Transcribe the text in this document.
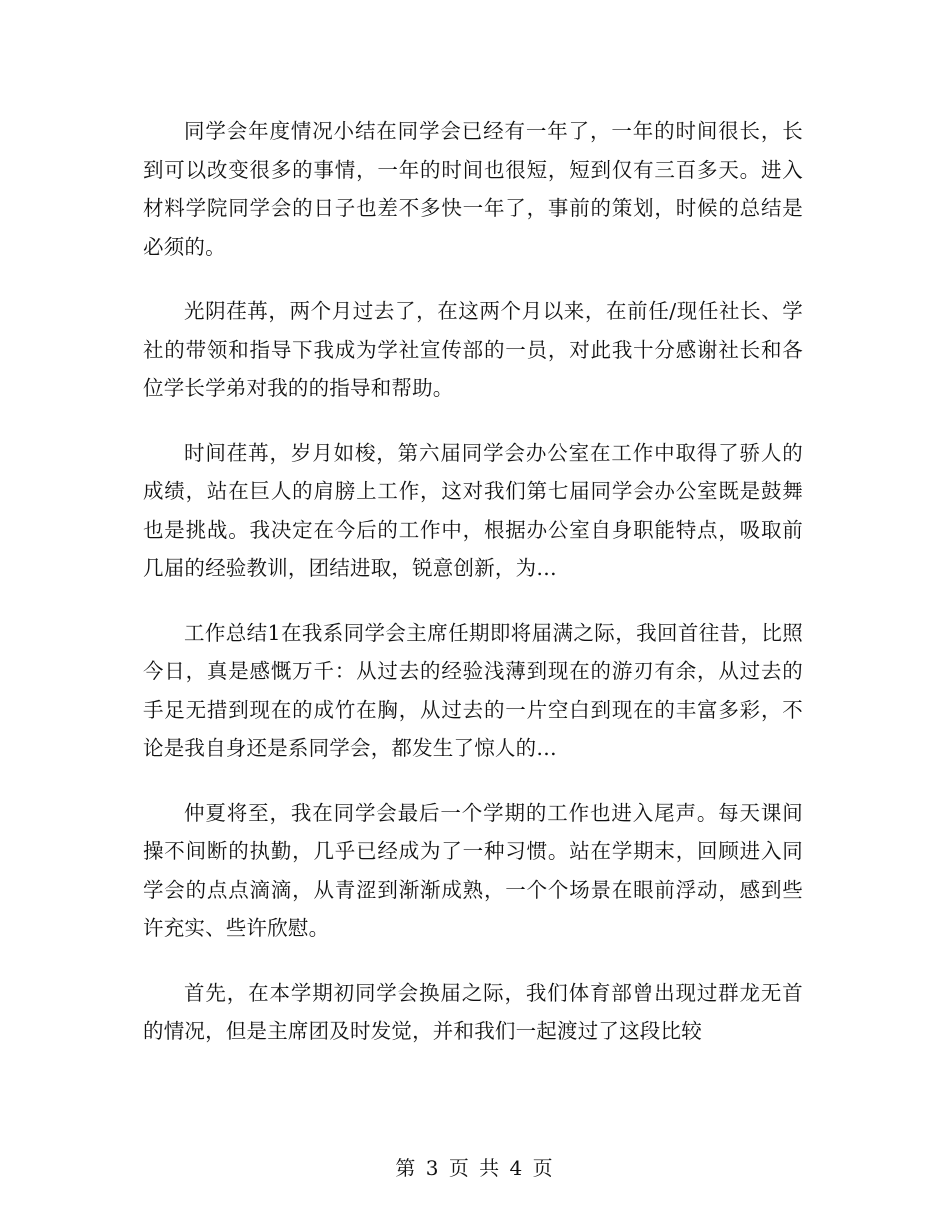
同学会年度情况小结在同学会已经有一年了，一年的时间很长，长到可以改变很多的事情，一年的时间也很短，短到仅有三百多天。进入材料学院同学会的日子也差不多快一年了，事前的策划，时候的总结是必须的。

光阴荏苒，两个月过去了，在这两个月以来，在前任/现任社长、学社的带领和指导下我成为学社宣传部的一员，对此我十分感谢社长和各位学长学弟对我的的指导和帮助。

时间荏苒，岁月如梭，第六届同学会办公室在工作中取得了骄人的成绩，站在巨人的肩膀上工作，这对我们第七届同学会办公室既是鼓舞也是挑战。我决定在今后的工作中，根据办公室自身职能特点，吸取前几届的经验教训，团结进取，锐意创新，为…

工作总结1在我系同学会主席任期即将届满之际，我回首往昔，比照今日，真是感慨万千：从过去的经验浅薄到现在的游刃有余，从过去的手足无措到现在的成竹在胸，从过去的一片空白到现在的丰富多彩，不论是我自身还是系同学会，都发生了惊人的…

仲夏将至，我在同学会最后一个学期的工作也进入尾声。每天课间操不间断的执勤，几乎已经成为了一种习惯。站在学期末，回顾进入同学会的点点滴滴，从青涩到渐渐成熟，一个个场景在眼前浮动，感到些许充实、些许欣慰。

首先，在本学期初同学会换届之际，我们体育部曾出现过群龙无首的情况，但是主席团及时发觉，并和我们一起渡过了这段比较

第 3 页 共 4 页
